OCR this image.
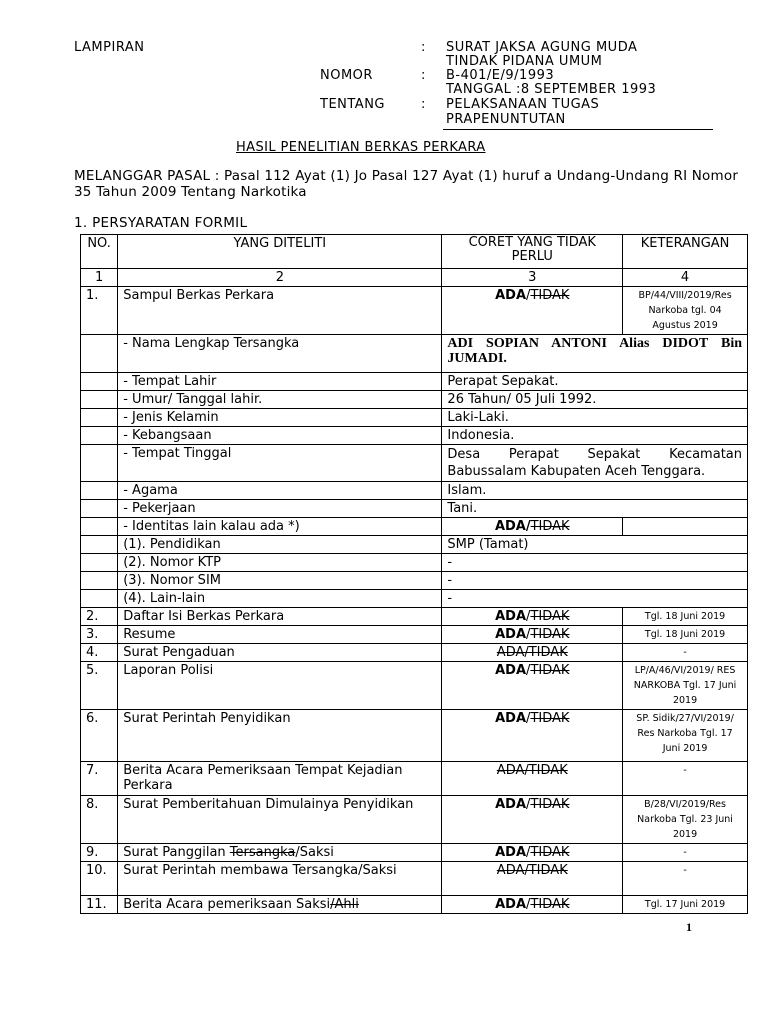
LAMPIRAN	: SURAT JAKSA AGUNG MUDA
TINDAK PIDANA UMUM
NOMOR	: B-401/E/9/1993
TANGGAL :8 SEPTEMBER 1993
TENTANG	: PELAKSANAAN TUGAS
PRAPENUNTUTAN
HASIL PENELITIAN BERKAS PERKARA
MELANGGAR PASAL : Pasal 112 Ayat (1) Jo Pasal 127 Ayat (1) huruf a Undang-Undang RI Nomor 35 Tahun 2009 Tentang Narkotika
1. PERSYARATAN FORMIL
NO.	YANG DITELITI	CORET YANG TIDAK PERLU	KETERANGAN
1	2	3	4
1.	Sampul Berkas Perkara	ADA/TIDAK	BP/44/VIII/2019/Res Narkoba tgl. 04 Agustus 2019
	- Nama Lengkap Tersangka	ADI SOPIAN ANTONI Alias DIDOT Bin JUMADI.	
	- Tempat Lahir	Perapat Sepakat.	
	- Umur/ Tanggal lahir.	26 Tahun/ 05 Juli 1992.	
	- Jenis Kelamin	Laki-Laki.	
	- Kebangsaan	Indonesia.	
	- Tempat Tinggal	Desa Perapat Sepakat Kecamatan Babussalam Kabupaten Aceh Tenggara.	
	- Agama	Islam.	
	- Pekerjaan	Tani.	
	- Identitas lain kalau ada *)	ADA/TIDAK	
	(1). Pendidikan	SMP (Tamat)	
	(2). Nomor KTP	-	
	(3). Nomor SIM	-	
	(4). Lain-lain	-	
2.	Daftar Isi Berkas Perkara	ADA/TIDAK	Tgl. 18 Juni 2019
3.	Resume	ADA/TIDAK	Tgl. 18 Juni 2019
4.	Surat Pengaduan	ADA/TIDAK	-
5.	Laporan Polisi	ADA/TIDAK	LP/A/46/VI/2019/ RES NARKOBA Tgl. 17 Juni 2019
6.	Surat Perintah Penyidikan	ADA/TIDAK	SP. Sidik/27/VI/2019/ Res Narkoba Tgl. 17 Juni 2019
7.	Berita Acara Pemeriksaan Tempat Kejadian Perkara	ADA/TIDAK	-
8.	Surat Pemberitahuan Dimulainya Penyidikan	ADA/TIDAK	B/28/VI/2019/Res Narkoba Tgl. 23 Juni 2019
9.	Surat Panggilan Tersangka/Saksi	ADA/TIDAK	-
10.	Surat Perintah membawa Tersangka/Saksi	ADA/TIDAK	-
11.	Berita Acara pemeriksaan Saksi/Ahli	ADA/TIDAK	Tgl. 17 Juni 2019
1
